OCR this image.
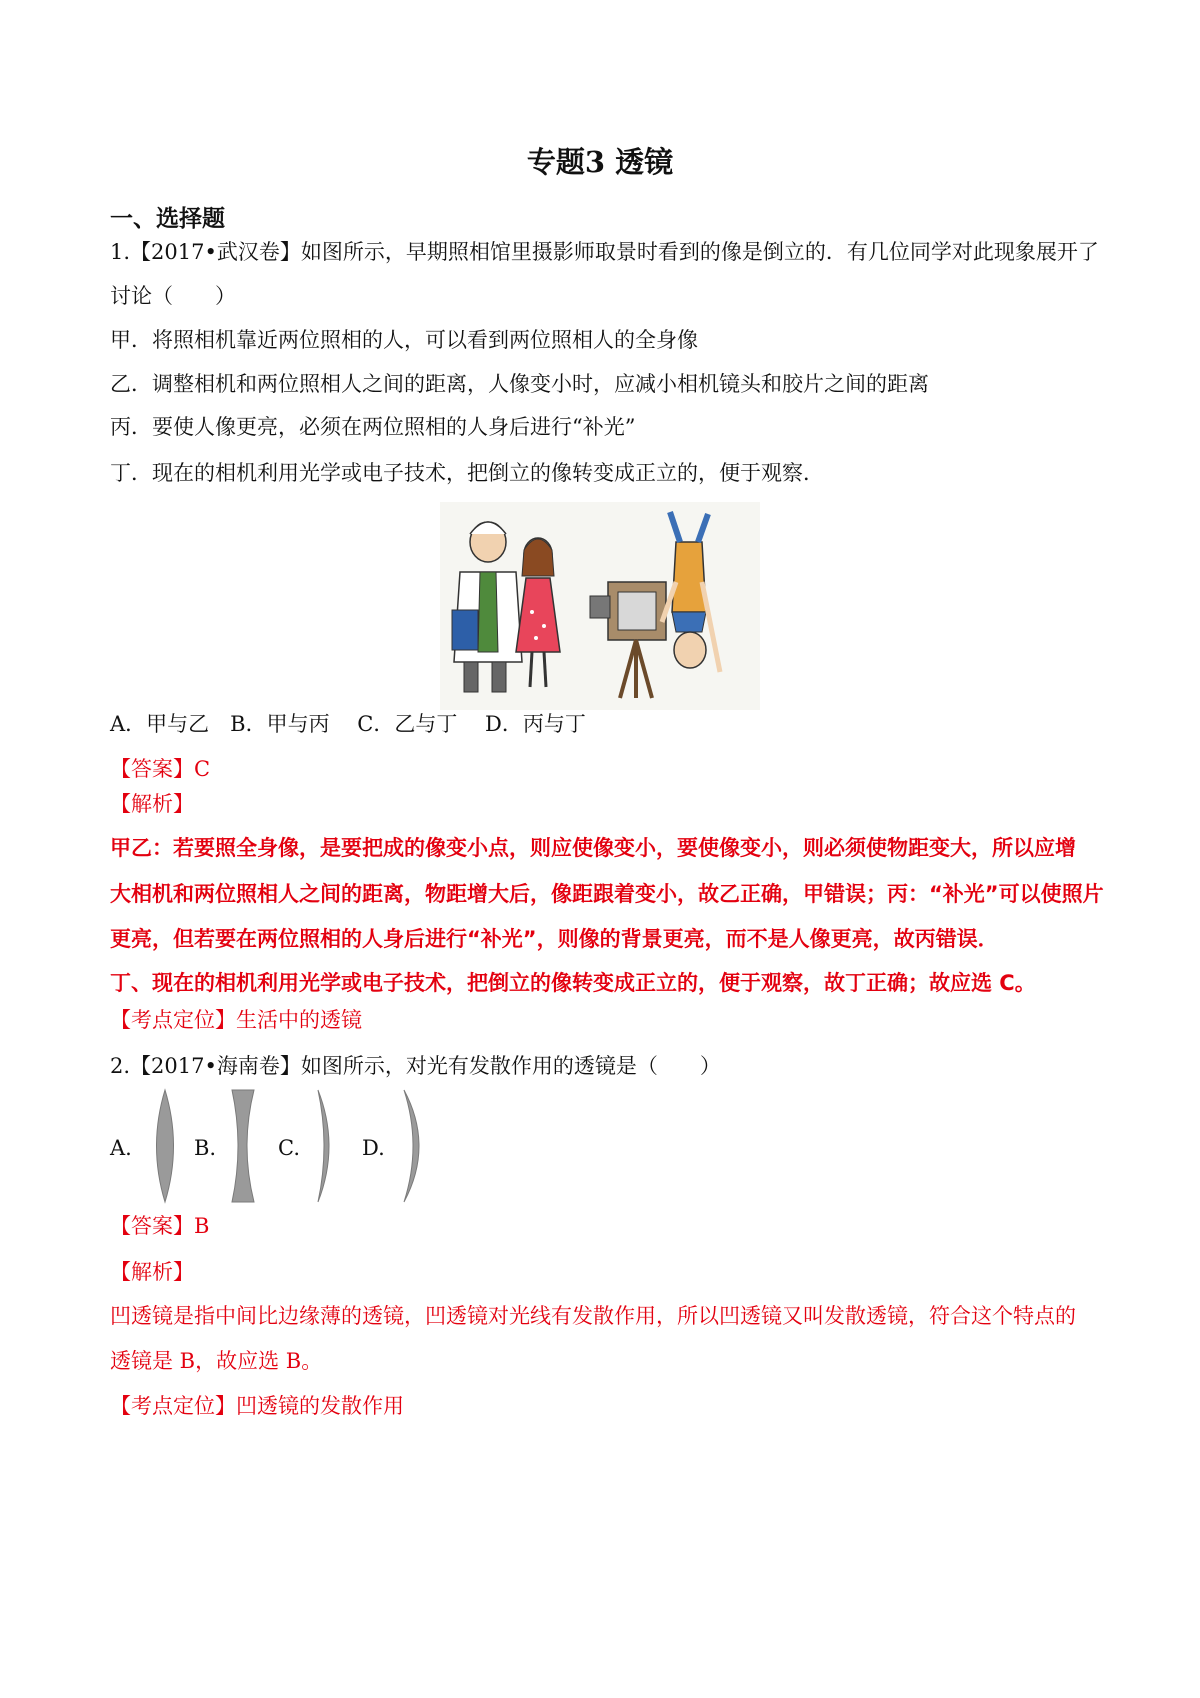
专题3 透镜
一、选择题
1.【2017•武汉卷】如图所示，早期照相馆里摄影师取景时看到的像是倒立的．有几位同学对此现象展开了
讨论（　　）
甲．将照相机靠近两位照相的人，可以看到两位照相人的全身像
乙．调整相机和两位照相人之间的距离，人像变小时，应减小相机镜头和胶片之间的距离
丙．要使人像更亮，必须在两位照相的人身后进行“补光”
丁．现在的相机利用光学或电子技术，把倒立的像转变成正立的，便于观察．
A．甲与乙　B．甲与丙　 C．乙与丁　 D．丙与丁
【答案】C
【解析】
甲乙：若要照全身像，是要把成的像变小点，则应使像变小，要使像变小，则必须使物距变大，所以应增
大相机和两位照相人之间的距离，物距增大后，像距跟着变小，故乙正确，甲错误；丙：“补光”可以使照片
更亮，但若要在两位照相的人身后进行“补光”，则像的背景更亮，而不是人像更亮，故丙错误．
丁、现在的相机利用光学或电子技术，把倒立的像转变成正立的，便于观察，故丁正确；故应选 C。
【考点定位】生活中的透镜
2.【2017•海南卷】如图所示，对光有发散作用的透镜是（　　）
A.	B.	C.	D.
【答案】B
【解析】
凹透镜是指中间比边缘薄的透镜，凹透镜对光线有发散作用，所以凹透镜又叫发散透镜，符合这个特点的
透镜是 B，故应选 B。
【考点定位】凹透镜的发散作用
